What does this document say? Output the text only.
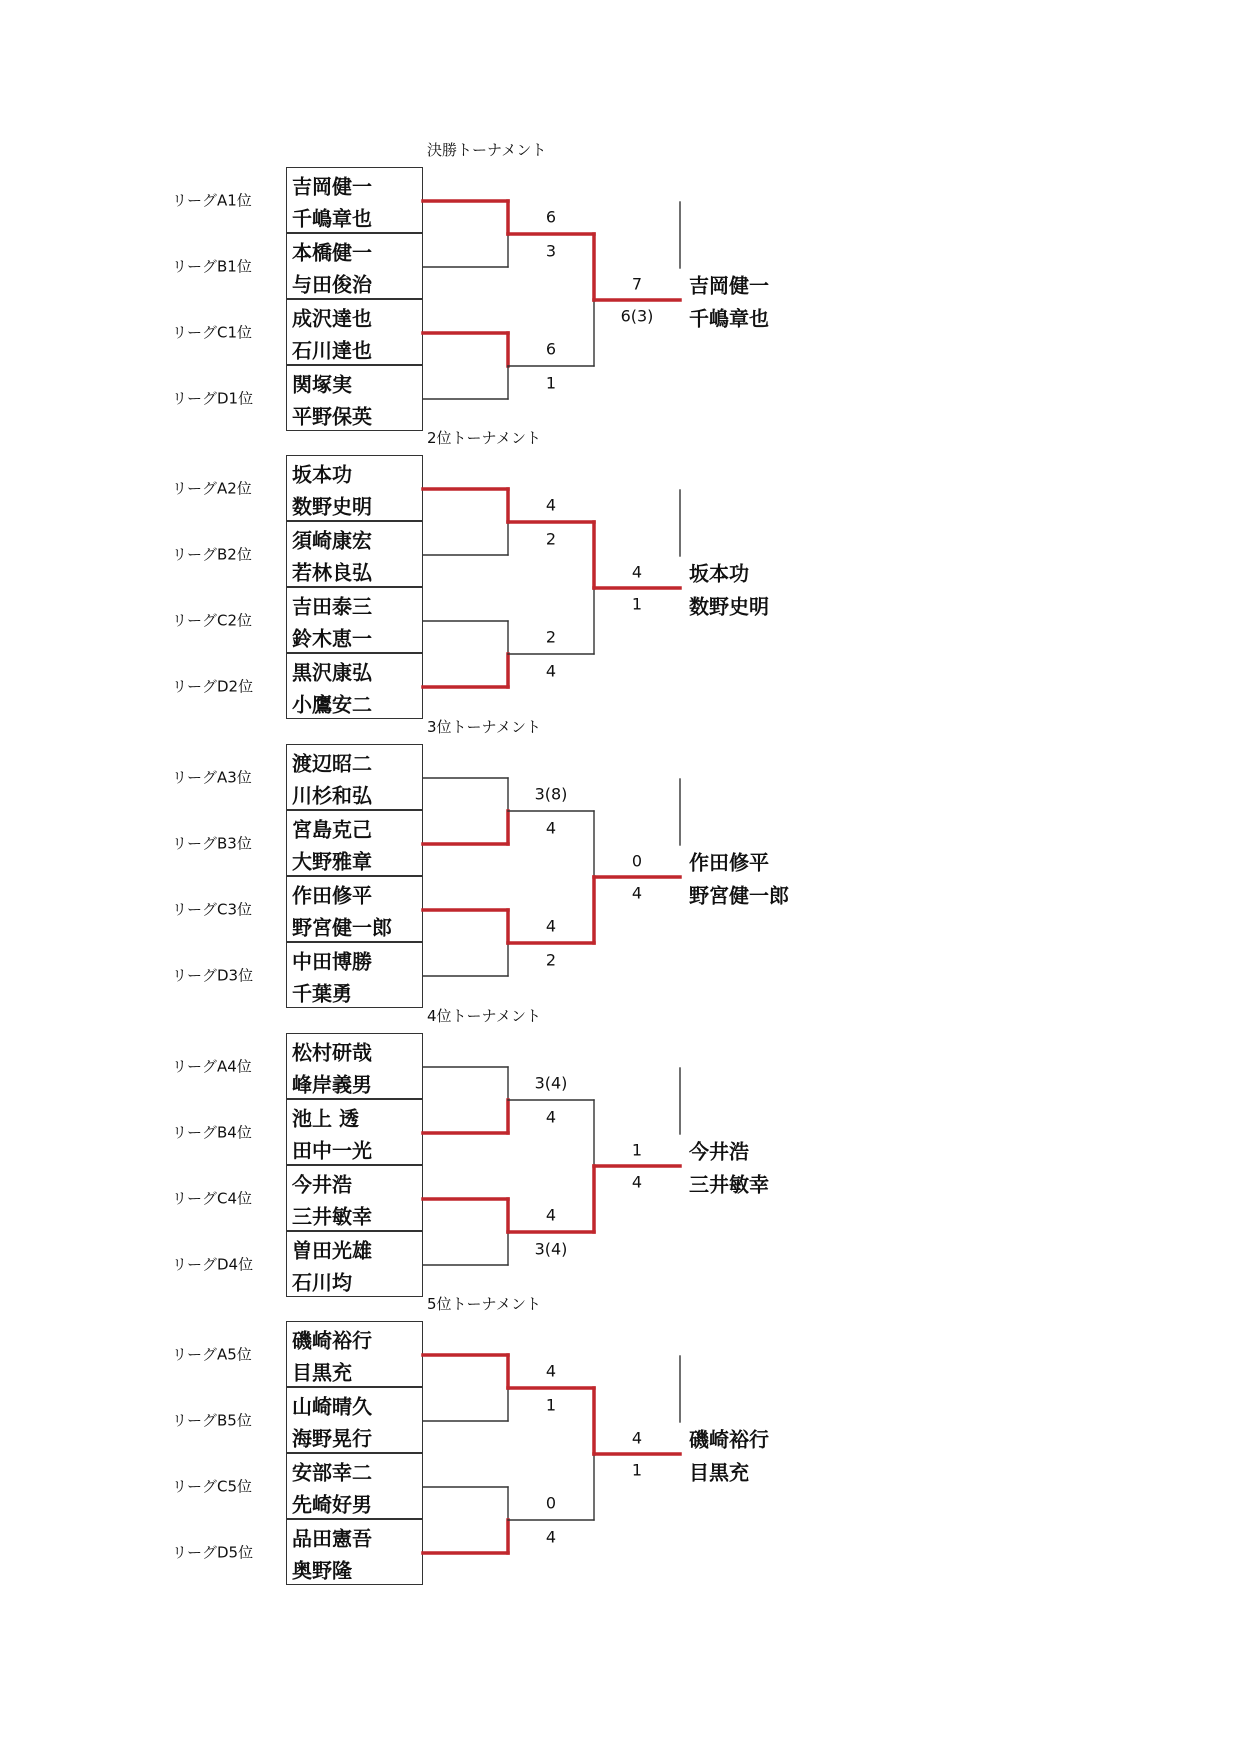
決勝トーナメント
リーグA1位
吉岡健一
千嶋章也
リーグB1位
本橋健一
与田俊治
リーグC1位
成沢達也
石川達也
リーグD1位
関塚実
平野保英
6
3
6
1
7
6(3)
吉岡健一
千嶋章也
2位トーナメント
リーグA2位
坂本功
数野史明
リーグB2位
須崎康宏
若林良弘
リーグC2位
吉田泰三
鈴木恵一
リーグD2位
黒沢康弘
小鷹安二
4
2
2
4
4
1
坂本功
数野史明
3位トーナメント
リーグA3位
渡辺昭二
川杉和弘
リーグB3位
宮島克己
大野雅章
リーグC3位
作田修平
野宮健一郎
リーグD3位
中田博勝
千葉勇
3(8)
4
4
2
0
4
作田修平
野宮健一郎
4位トーナメント
リーグA4位
松村研哉
峰岸義男
リーグB4位
池上 透
田中一光
リーグC4位
今井浩
三井敏幸
リーグD4位
曽田光雄
石川均
3(4)
4
4
3(4)
1
4
今井浩
三井敏幸
5位トーナメント
リーグA5位
磯崎裕行
目黒充
リーグB5位
山崎晴久
海野晃行
リーグC5位
安部幸二
先崎好男
リーグD5位
品田憲吾
奥野隆
4
1
0
4
4
1
磯崎裕行
目黒充
